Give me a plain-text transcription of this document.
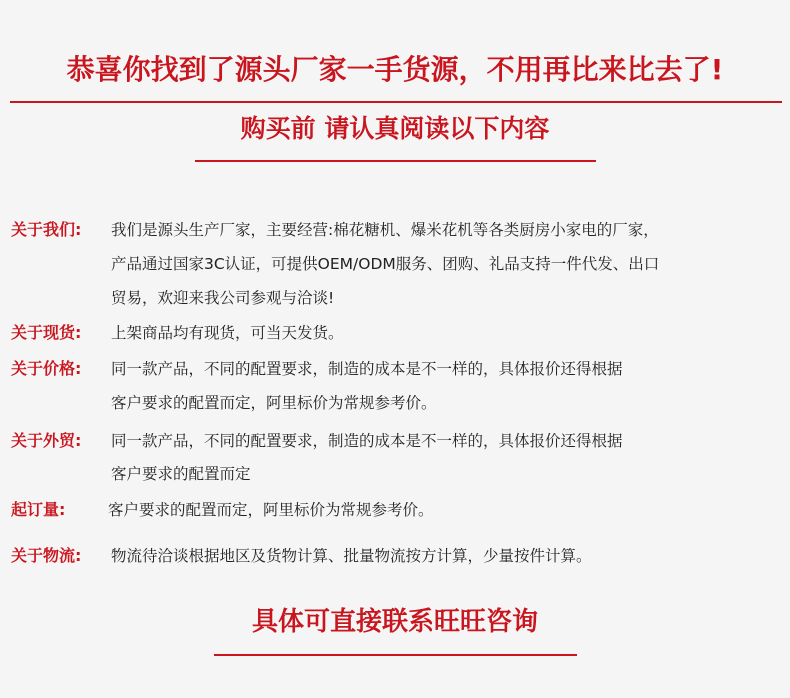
恭喜你找到了源头厂家一手货源，不用再比来比去了!
购买前 请认真阅读以下内容
关于我们: 我们是源头生产厂家，主要经营:棉花糖机、爆米花机等各类厨房小家电的厂家，
产品通过国家3C认证，可提供OEM/ODM服务、团购、礼品支持一件代发、出口
贸易，欢迎来我公司参观与洽谈!
关于现货: 上架商品均有现货，可当天发货。
关于价格: 同一款产品，不同的配置要求，制造的成本是不一样的，具体报价还得根据
客户要求的配置而定，阿里标价为常规参考价。
关于外贸: 同一款产品，不同的配置要求，制造的成本是不一样的，具体报价还得根据
客户要求的配置而定
起订量:	客户要求的配置而定，阿里标价为常规参考价。
关于物流: 物流待洽谈根据地区及货物计算、批量物流按方计算，少量按件计算。
具体可直接联系旺旺咨询
